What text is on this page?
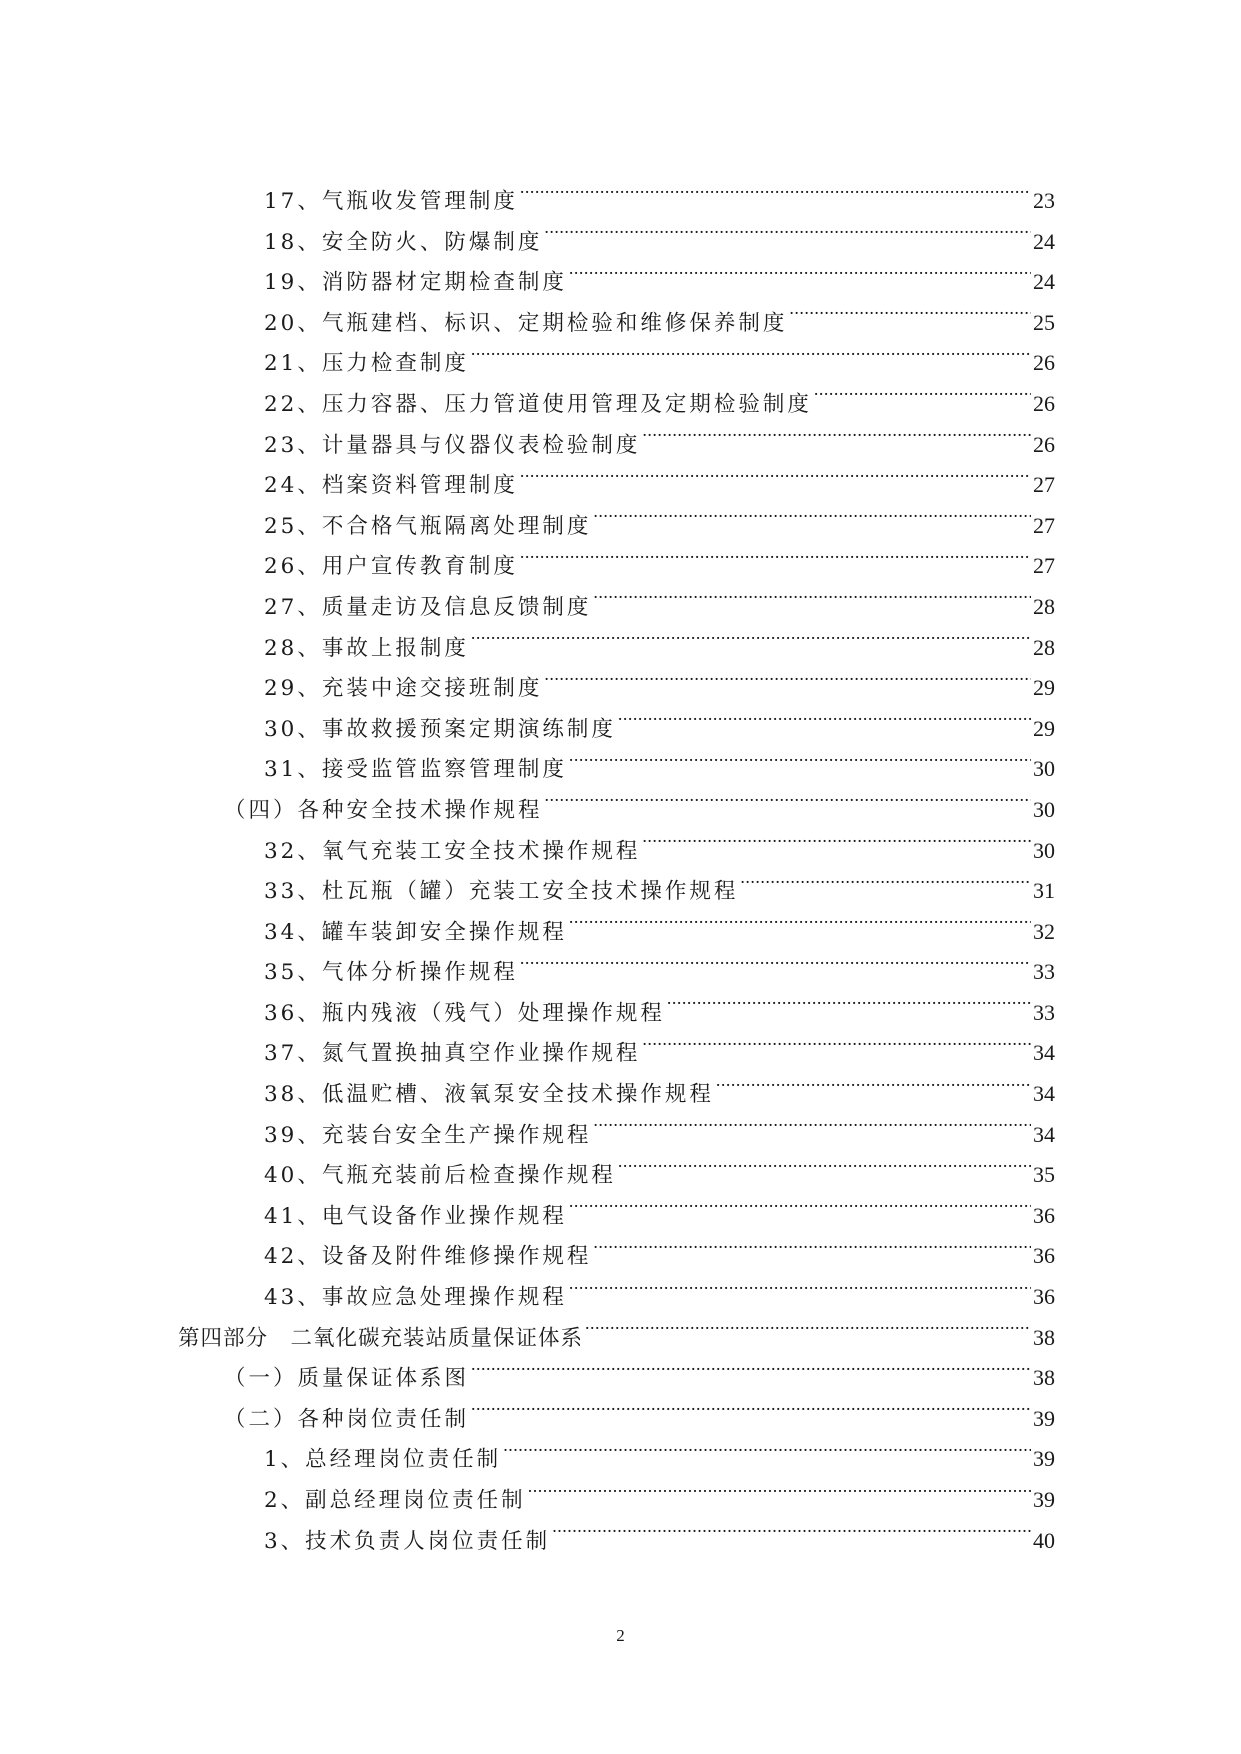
17、气瓶收发管理制度 .....	23
18、安全防火、防爆制度 .....	24
19、消防器材定期检查制度 .....	24
20、气瓶建档、标识、定期检验和维修保养制度 .....	25
21、压力检查制度 .....	26
22、压力容器、压力管道使用管理及定期检验制度 .....	26
23、计量器具与仪器仪表检验制度 .....	26
24、档案资料管理制度 .....	27
25、不合格气瓶隔离处理制度 .....	27
26、用户宣传教育制度 .....	27
27、质量走访及信息反馈制度 .....	28
28、事故上报制度 .....	28
29、充装中途交接班制度 .....	29
30、事故救援预案定期演练制度 .....	29
31、接受监管监察管理制度 .....	30
（四）各种安全技术操作规程 .....	30
32、氧气充装工安全技术操作规程 .....	30
33、杜瓦瓶（罐）充装工安全技术操作规程 .....	31
34、罐车装卸安全操作规程 .....	32
35、气体分析操作规程 .....	33
36、瓶内残液（残气）处理操作规程 .....	33
37、氮气置换抽真空作业操作规程 .....	34
38、低温贮槽、液氧泵安全技术操作规程 .....	34
39、充装台安全生产操作规程 .....	34
40、气瓶充装前后检查操作规程 .....	35
41、电气设备作业操作规程 .....	36
42、设备及附件维修操作规程 .....	36
43、事故应急处理操作规程 .....	36
第四部分　二氧化碳充装站质量保证体系 .....	38
（一）质量保证体系图 .....	38
（二）各种岗位责任制 .....	39
1、总经理岗位责任制 .....	39
2、副总经理岗位责任制 .....	39
3、技术负责人岗位责任制 .....	40
2
